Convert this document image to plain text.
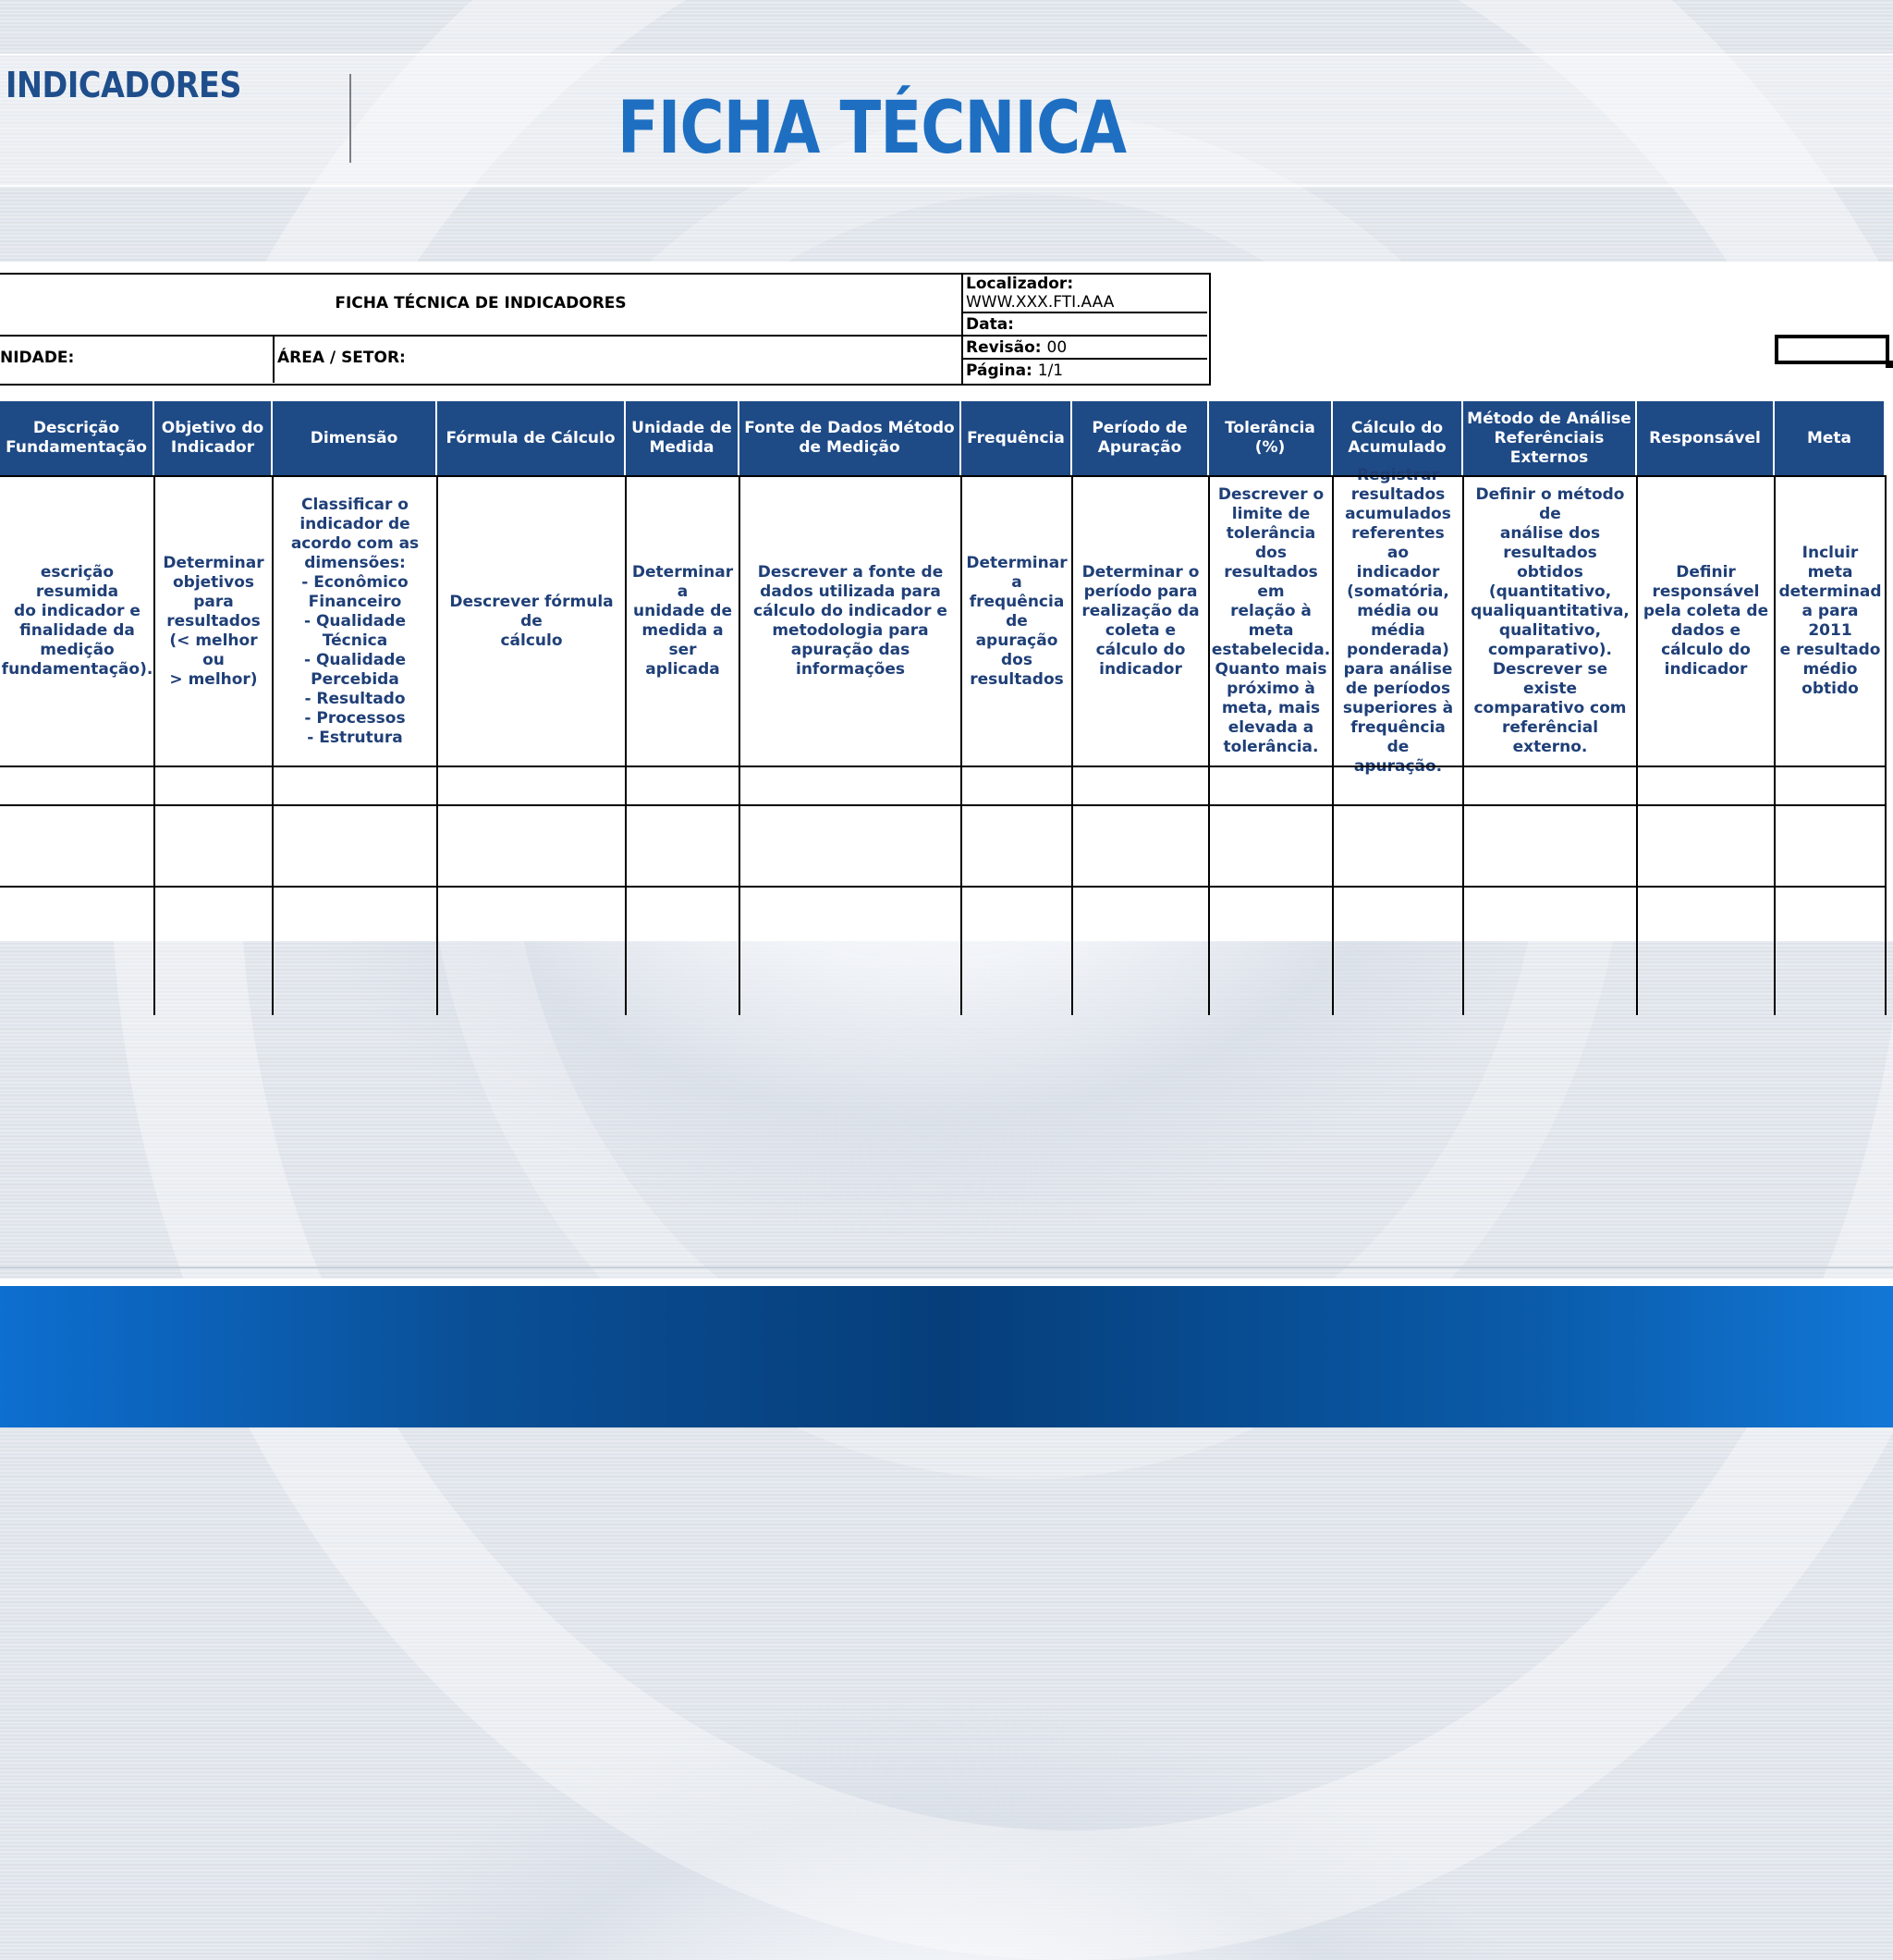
INDICADORES
FICHA TÉCNICA
FICHA TÉCNICA DE INDICADORES
NIDADE:	ÁREA / SETOR:
Localizador:
WWW.XXX.FTI.AAA
Data:
Revisão: 00
Página: 1/1
Descrição
Fundamentação
escrição resumida
do indicador e
finalidade da
medição
fundamentação).
Objetivo do
Indicador
Determinar
objetivos
para
resultados
(< melhor ou
> melhor)
Dimensão
Classificar o
indicador de
acordo com as
dimensões:
- Econômico
Financeiro
- Qualidade
Técnica
- Qualidade
Percebida
- Resultado
- Processos
- Estrutura
Fórmula de Cálculo
Descrever fórmula de
cálculo
Unidade de
Medida
Determinar a
unidade de
medida a ser
aplicada
Fonte de Dados Método
de Medição
Descrever a fonte de
dados utilizada para
cálculo do indicador e
metodologia para
apuração das
informações
Frequência
Determinar
a
frequência
de
apuração
dos
resultados
Período de
Apuração
Determinar o
período para
realização da
coleta e
cálculo do
indicador
Tolerância
(%)
Descrever o
limite de
tolerância
dos
resultados em
relação à
meta
estabelecida.
Quanto mais
próximo à
meta, mais
elevada a
tolerância.
Cálculo do
Acumulado

resultados
acumulados
referentes ao
indicador
(somatória,
média ou
média
ponderada)
para análise
de períodos
superiores à
frequência de

Método de Análise
Referênciais
Externos
Definir o método de
análise dos
resultados obtidos
(quantitativo,
qualiquantitativa,
qualitativo,
comparativo).
Descrever se existe
comparativo com
referêncial externo.
Responsável
Definir
responsável
pela coleta de
dados e
cálculo do
indicador
Meta
Incluir meta
determinad
a para 2011
e resultado
médio
obtido
